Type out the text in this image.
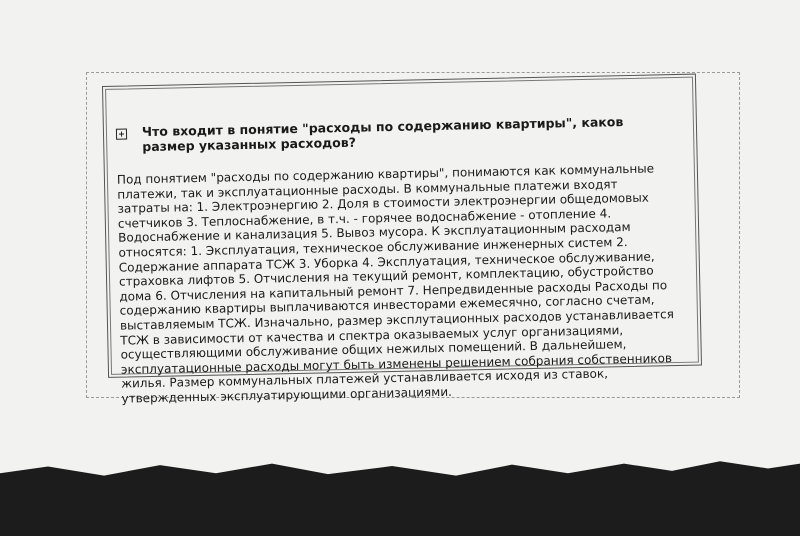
Что входит в понятие "расходы по содержанию квартиры", каков размер указанных расходов?

Под понятием "расходы по содержанию квартиры", понимаются как коммунальные платежи, так и эксплуатационные расходы. В коммунальные платежи входят затраты на: 1. Электроэнергию 2. Доля в стоимости электроэнергии общедомовых счетчиков 3. Теплоснабжение, в т.ч. - горячее водоснабжение - отопление 4. Водоснабжение и канализация 5. Вывоз мусора. К эксплуатационным расходам относятся: 1. Эксплуатация, техническое обслуживание инженерных систем 2. Содержание аппарата ТСЖ 3. Уборка 4. Эксплуатация, техническое обслуживание, страховка лифтов 5. Отчисления на текущий ремонт, комплектацию, обустройство дома 6. Отчисления на капитальный ремонт 7. Непредвиденные расходы Расходы по содержанию квартиры выплачиваются инвесторами ежемесячно, согласно счетам, выставляемым ТСЖ. Изначально, размер эксплутационных расходов устанавливается ТСЖ в зависимости от качества и спектра оказываемых услуг организациями, осуществляющими обслуживание общих нежилых помещений. В дальнейшем, эксплуатационные расходы могут быть изменены решением собрания собственников жилья. Размер коммунальных платежей устанавливается исходя из ставок, утвержденных эксплуатирующими организациями.
